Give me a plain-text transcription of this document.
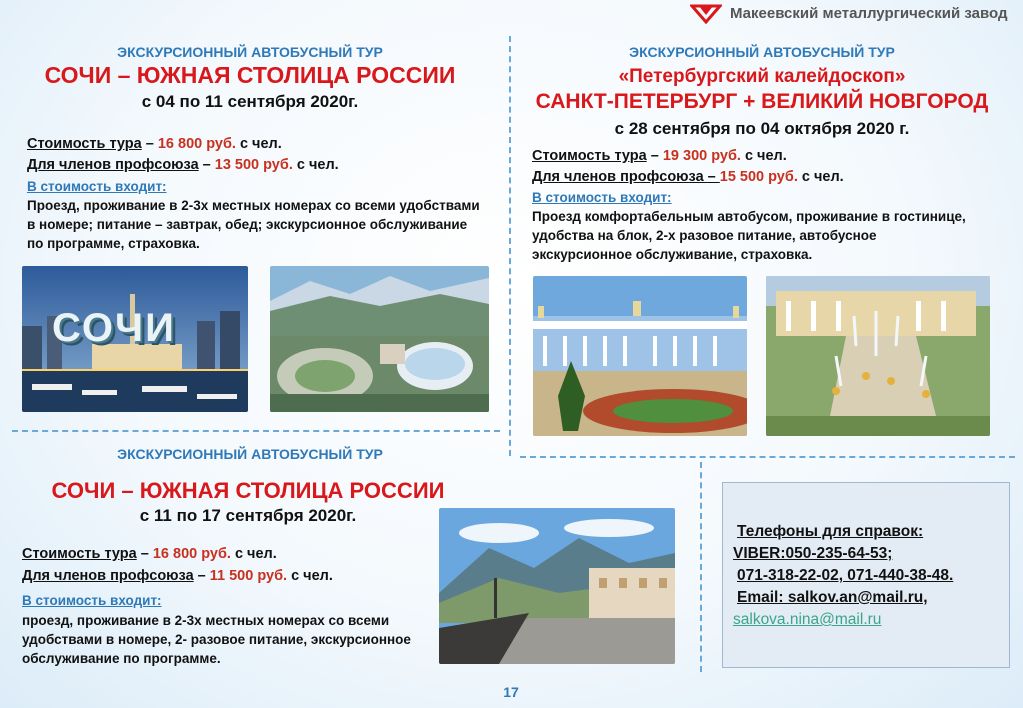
Макеевский металлургический завод
ЭКСКУРСИОННЫЙ АВТОБУСНЫЙ ТУР
СОЧИ – ЮЖНАЯ СТОЛИЦА РОССИИ
с 04 по 11 сентября 2020г.
Стоимость тура – 16 800 руб. с чел.
Для членов профсоюза – 13 500 руб. с чел.
В стоимость входит:
Проезд, проживание в 2-3х местных номерах со всеми удобствами в номере; питание – завтрак, обед; экскурсионное обслуживание по программе, страховка.
СОЧИ
ЭКСКУРСИОННЫЙ АВТОБУСНЫЙ ТУР
«Петербургский калейдоскоп»
САНКТ-ПЕТЕРБУРГ + ВЕЛИКИЙ НОВГОРОД
с 28 сентября по 04 октября 2020 г.
Стоимость тура – 19 300 руб. с чел.
Для членов профсоюза – 15 500 руб. с чел.
В стоимость входит:
Проезд комфортабельным автобусом, проживание в гостинице, удобства на блок, 2-х разовое питание, автобусное экскурсионное обслуживание, страховка.
ЭКСКУРСИОННЫЙ АВТОБУСНЫЙ ТУР
СОЧИ – ЮЖНАЯ СТОЛИЦА РОССИИ
с 11 по 17 сентября 2020г.
Стоимость тура – 16 800 руб. с чел.
Для членов профсоюза – 11 500 руб. с чел.
В стоимость входит:
проезд, проживание в 2-3х местных номерах со всеми удобствами в номере, 2- разовое питание, экскурсионное обслуживание по программе.
Телефоны для справок:
VIBER:050-235-64-53;
071-318-22-02, 071-440-38-48.
Email: salkov.an@mail.ru,
salkova.nina@mail.ru
17
